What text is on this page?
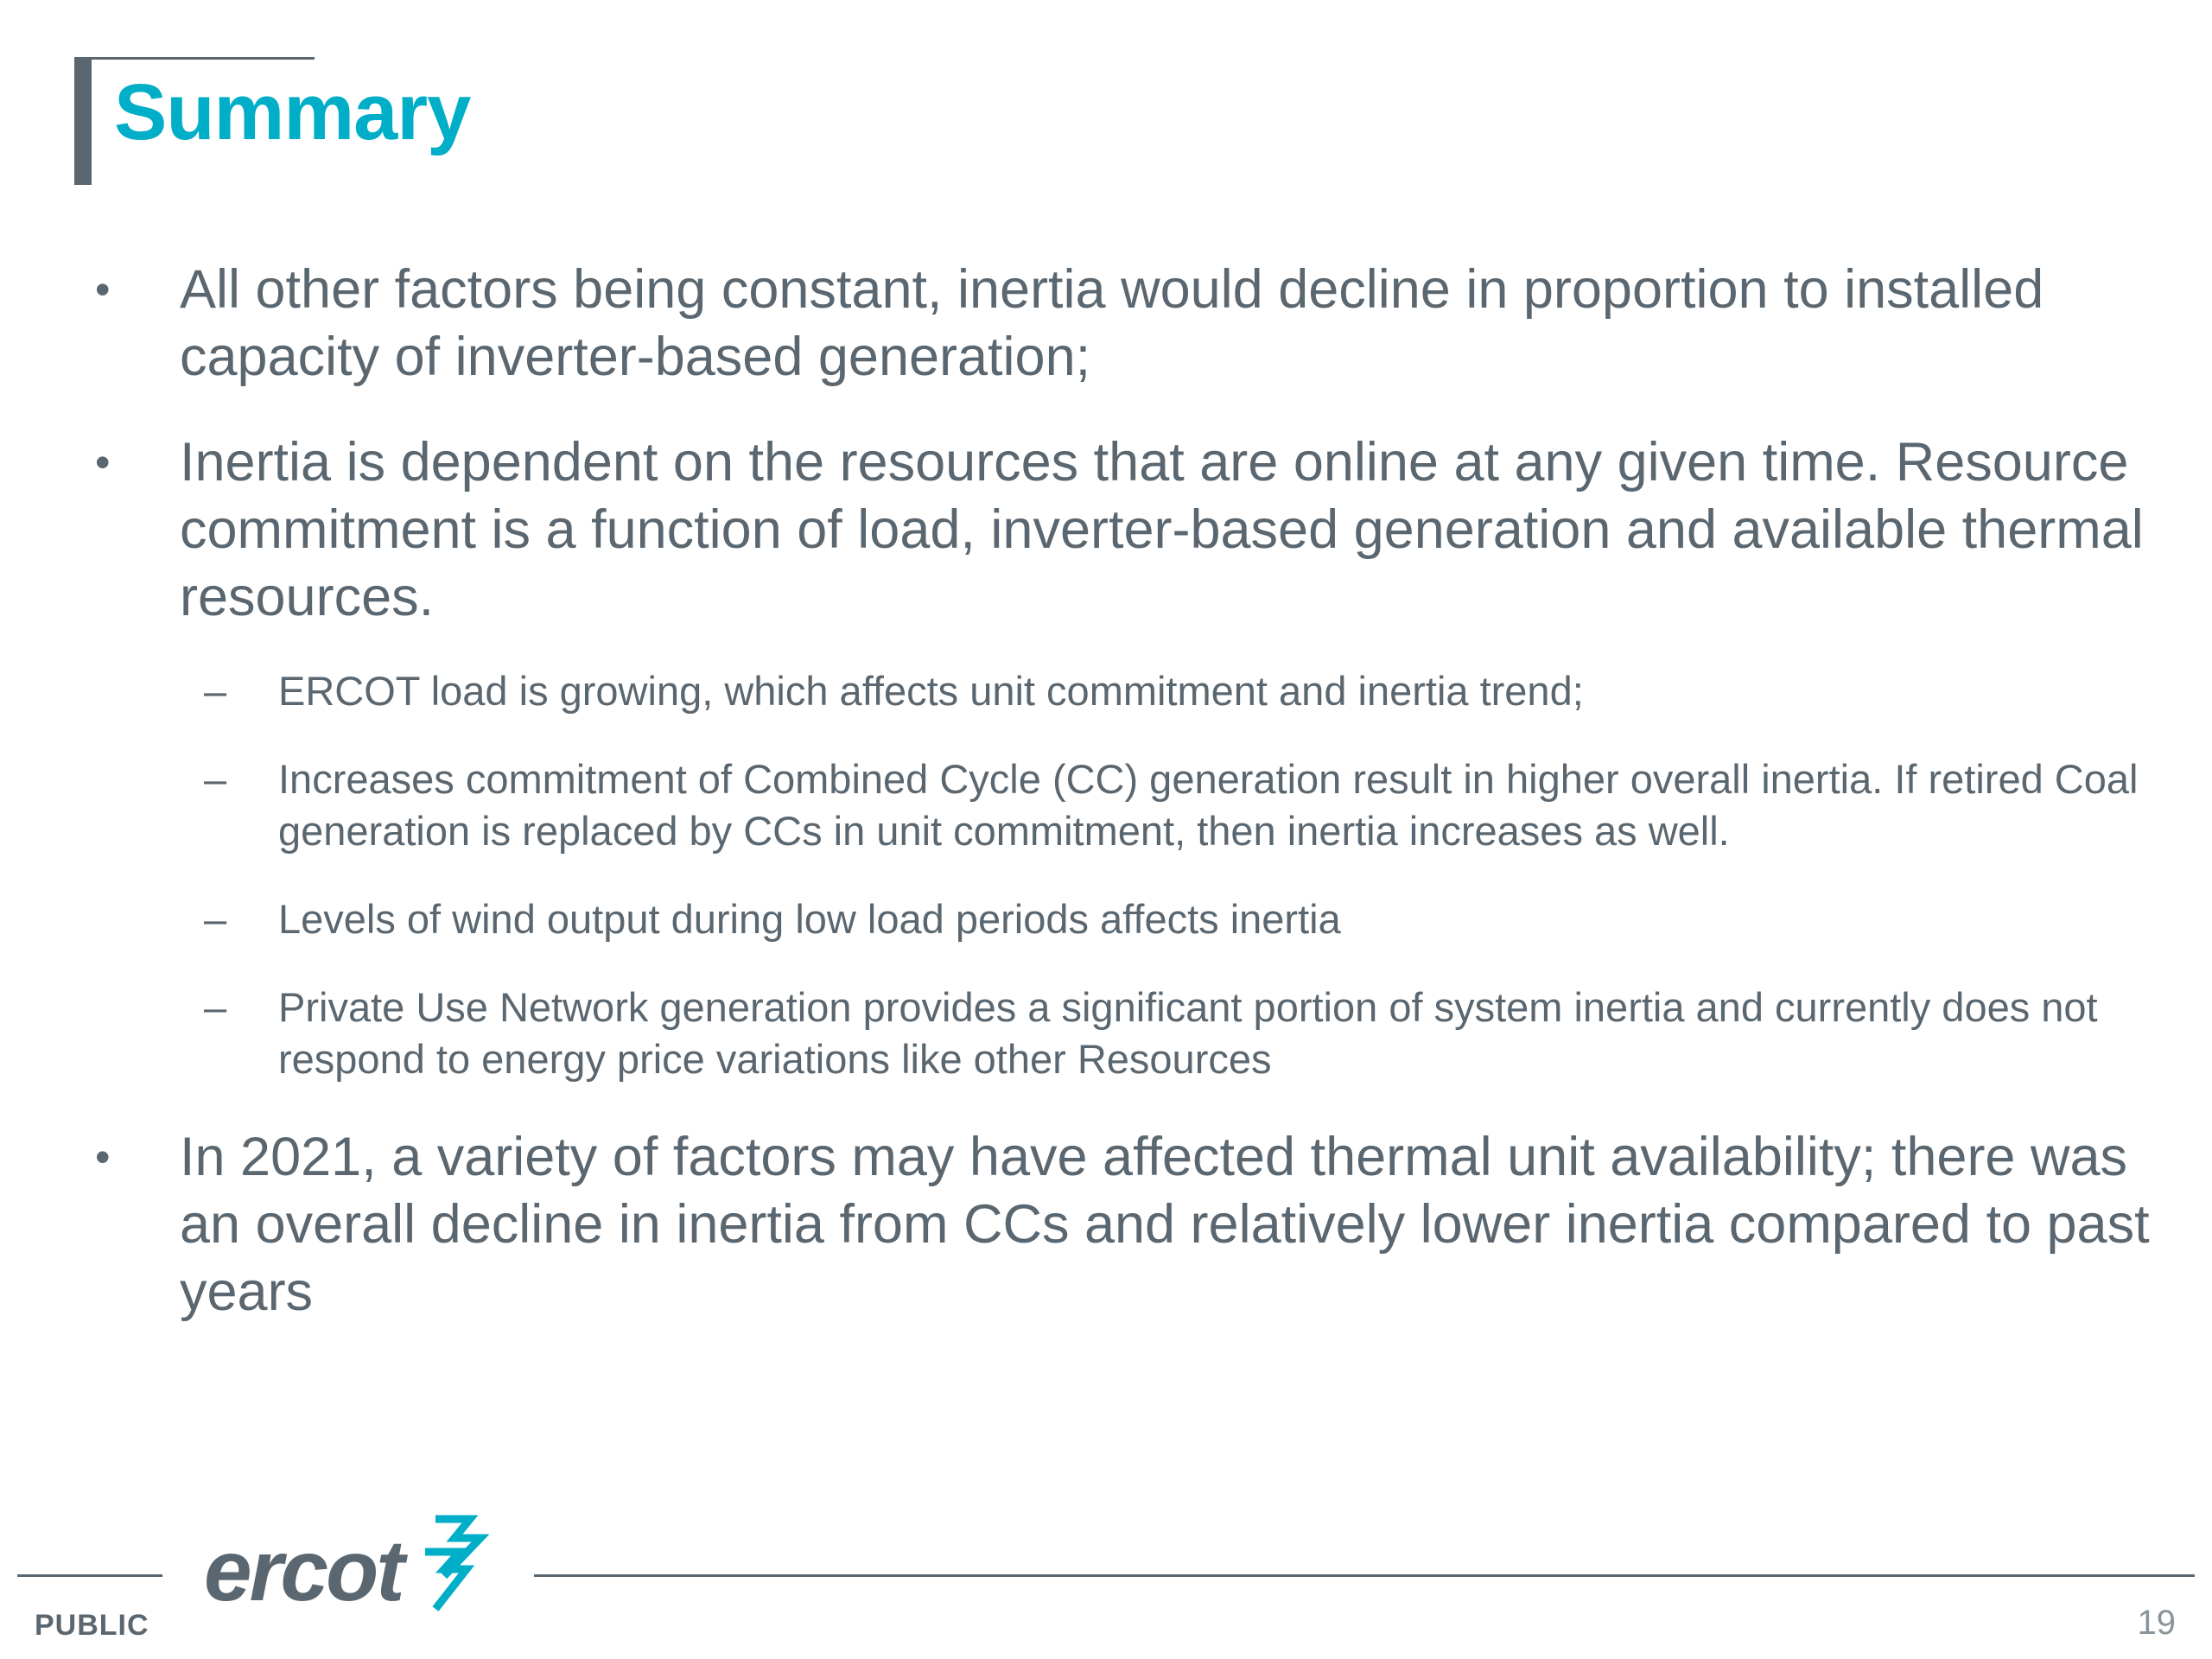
Summary
•	All other factors being constant, inertia would decline in proportion to installed capacity of inverter-based generation;
•	Inertia is dependent on the resources that are online at any given time. Resource commitment is a function of load, inverter-based generation and available thermal resources.
– ERCOT load is growing, which affects unit commitment and inertia trend;
– Increases commitment of Combined Cycle (CC) generation result in higher overall inertia. If retired Coal generation is replaced by CCs in unit commitment, then inertia increases as well.
– Levels of wind output during low load periods affects inertia
– Private Use Network generation provides a significant portion of system inertia and currently does not respond to energy price variations like other Resources
•	In 2021, a variety of factors may have affected thermal unit availability; there was an overall decline in inertia from CCs and relatively lower inertia compared to past years
ercot
PUBLIC	19
